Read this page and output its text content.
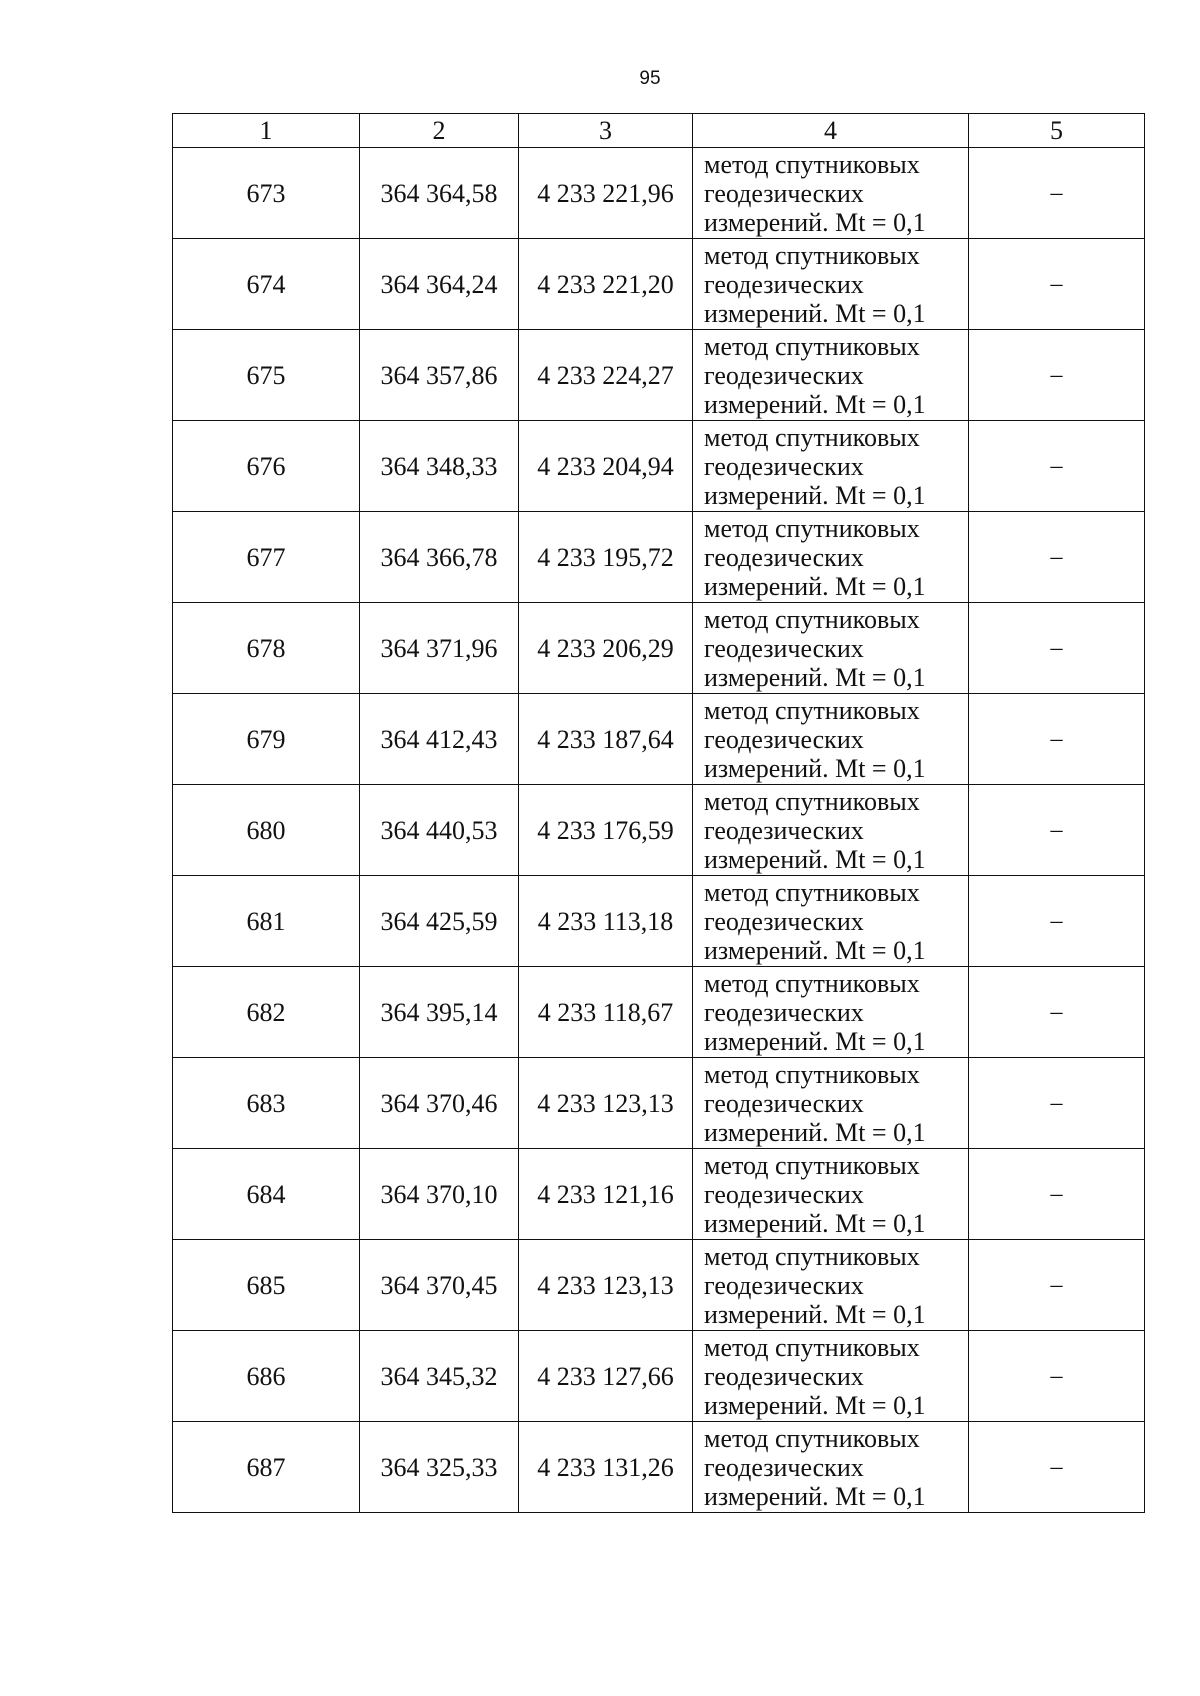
95
1	2	3	4	5
673	364 364,58	4 233 221,96	метод спутниковых
геодезических
измерений. Mt = 0,1	–
674	364 364,24	4 233 221,20	метод спутниковых
геодезических
измерений. Mt = 0,1	–
675	364 357,86	4 233 224,27	метод спутниковых
геодезических
измерений. Mt = 0,1	–
676	364 348,33	4 233 204,94	метод спутниковых
геодезических
измерений. Mt = 0,1	–
677	364 366,78	4 233 195,72	метод спутниковых
геодезических
измерений. Mt = 0,1	–
678	364 371,96	4 233 206,29	метод спутниковых
геодезических
измерений. Mt = 0,1	–
679	364 412,43	4 233 187,64	метод спутниковых
геодезических
измерений. Mt = 0,1	–
680	364 440,53	4 233 176,59	метод спутниковых
геодезических
измерений. Mt = 0,1	–
681	364 425,59	4 233 113,18	метод спутниковых
геодезических
измерений. Mt = 0,1	–
682	364 395,14	4 233 118,67	метод спутниковых
геодезических
измерений. Mt = 0,1	–
683	364 370,46	4 233 123,13	метод спутниковых
геодезических
измерений. Mt = 0,1	–
684	364 370,10	4 233 121,16	метод спутниковых
геодезических
измерений. Mt = 0,1	–
685	364 370,45	4 233 123,13	метод спутниковых
геодезических
измерений. Mt = 0,1	–
686	364 345,32	4 233 127,66	метод спутниковых
геодезических
измерений. Mt = 0,1	–
687	364 325,33	4 233 131,26	метод спутниковых
геодезических
измерений. Mt = 0,1	–
